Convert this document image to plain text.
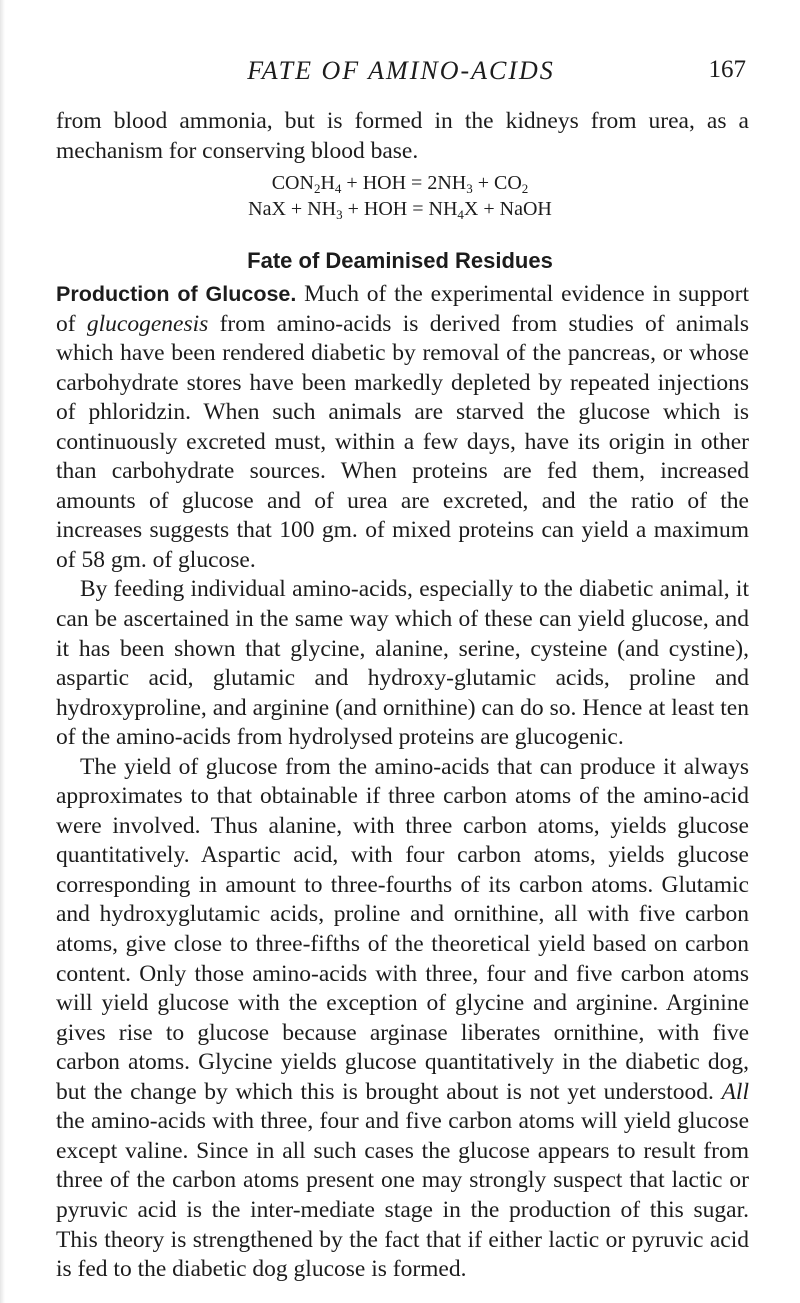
FATE OF AMINO-ACIDS	167

from blood ammonia, but is formed in the kidneys from urea, as a mechanism for conserving blood base.

$CON_2H_4$ + HOH = $2NH_3 + CO_2$
NaX + $NH_3$ + HOH = $NH_4X$ + NaOH
Fate of Deaminised Residues

Production of Glucose. Much of the experimental evidence in support of glucogenesis from amino-acids is derived from studies of animals which have been rendered diabetic by removal of the pancreas, or whose carbohydrate stores have been markedly depleted by repeated injections of phloridzin. When such animals are starved the glucose which is continuously excreted must, within a few days, have its origin in other than carbohydrate sources. When proteins are fed them, increased amounts of glucose and of urea are excreted, and the ratio of the increases suggests that 100 gm. of mixed proteins can yield a maximum of 58 gm. of glucose.

By feeding individual amino-acids, especially to the diabetic animal, it can be ascertained in the same way which of these can yield glucose, and it has been shown that glycine, alanine, serine, cysteine (and cystine), aspartic acid, glutamic and hydroxy-glutamic acids, proline and hydroxyproline, and arginine (and ornithine) can do so. Hence at least ten of the amino-acids from hydrolysed proteins are glucogenic.

The yield of glucose from the amino-acids that can produce it always approximates to that obtainable if three carbon atoms of the amino-acid were involved. Thus alanine, with three carbon atoms, yields glucose quantitatively. Aspartic acid, with four carbon atoms, yields glucose corresponding in amount to three-fourths of its carbon atoms. Glutamic and hydroxyglutamic acids, proline and ornithine, all with five carbon atoms, give close to three-fifths of the theoretical yield based on carbon content. Only those amino-acids with three, four and five carbon atoms will yield glucose with the exception of glycine and arginine. Arginine gives rise to glucose because arginase liberates ornithine, with five carbon atoms. Glycine yields glucose quantitatively in the diabetic dog, but the change by which this is brought about is not yet understood. All the amino-acids with three, four and five carbon atoms will yield glucose except valine. Since in all such cases the glucose appears to result from three of the carbon atoms present one may strongly suspect that lactic or pyruvic acid is the inter-mediate stage in the production of this sugar. This theory is strengthened by the fact that if either lactic or pyruvic acid is fed to the diabetic dog glucose is formed.
